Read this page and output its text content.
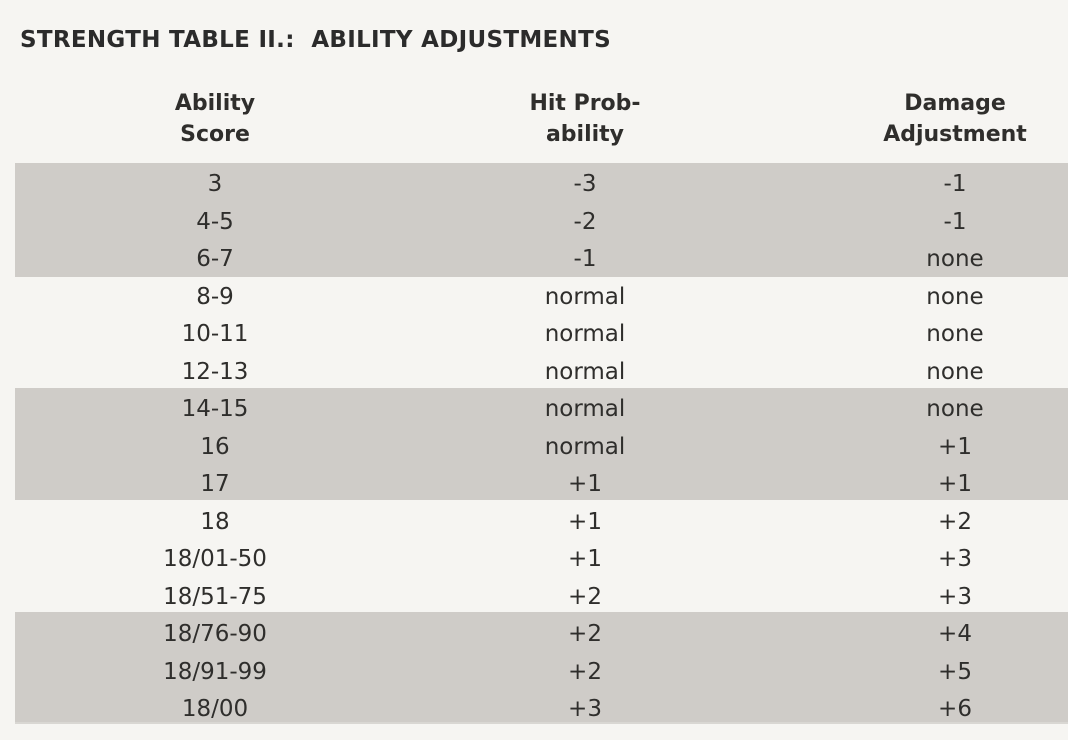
STRENGTH TABLE II.:  ABILITY ADJUSTMENTS
Ability
Score
Hit Prob-
ability
Damage
Adjustment
3	-3	-1
4-5	-2	-1
6-7	-1	none
8-9	normal	none
10-11	normal	none
12-13	normal	none
14-15	normal	none
16	normal	+1
17	+1	+1
18	+1	+2
18/01-50	+1	+3
18/51-75	+2	+3
18/76-90	+2	+4
18/91-99	+2	+5
18/00	+3	+6
